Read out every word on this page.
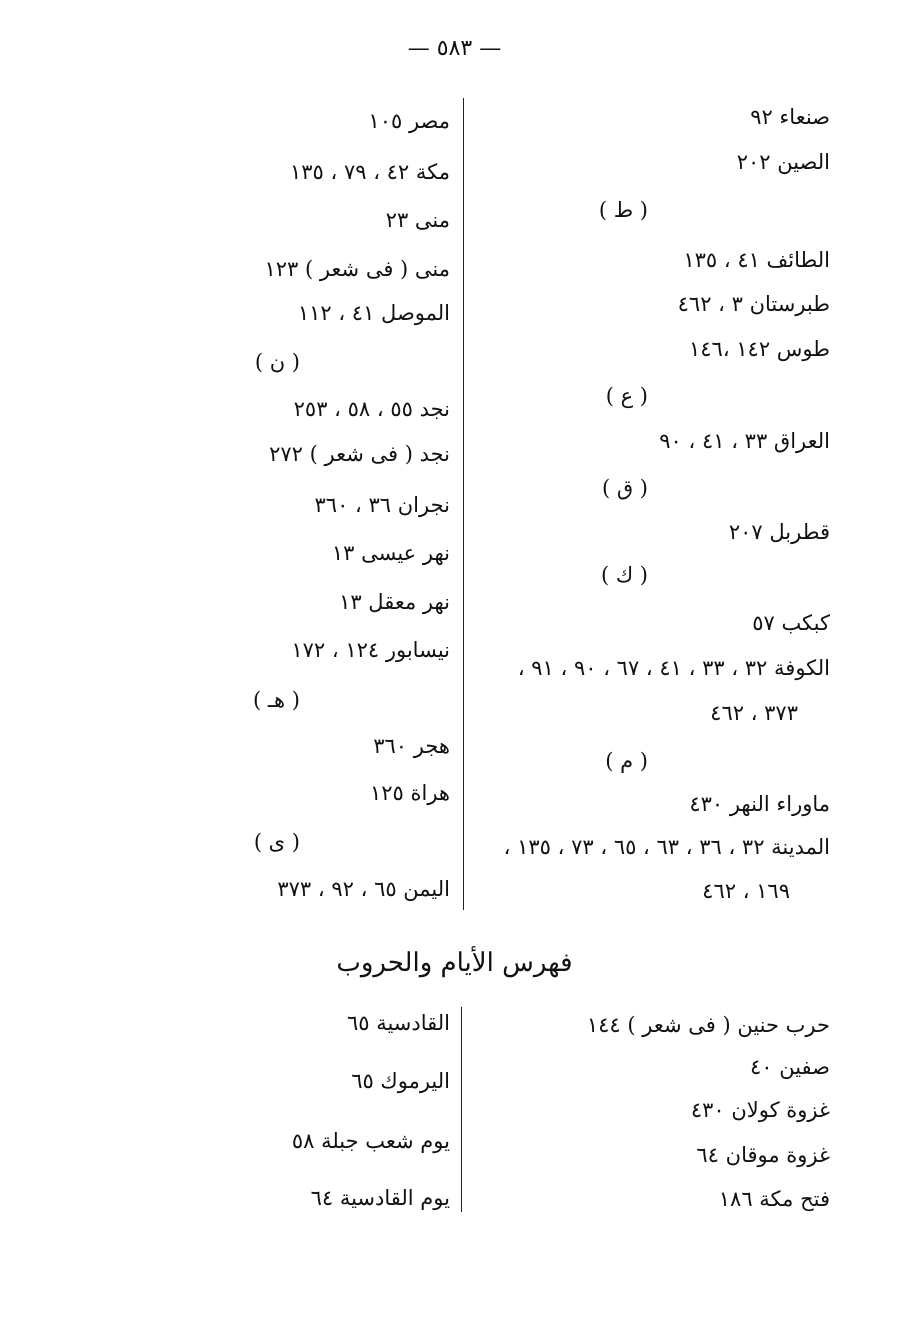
— ٥٨٣ —
صنعاء ٩٢
الصين ٢٠٢
( ط )
الطائف ٤١ ، ١٣٥
طبرستان ٣ ، ٤٦٢
طوس ١٤٢ ،١٤٦
( ع )
العراق ٣٣ ، ٤١ ، ٩٠
( ق )
قطربل ٢٠٧
( ك )
كبكب ٥٧
الكوفة ٣٢ ، ٣٣ ، ٤١ ، ٦٧ ، ٩٠ ، ٩١ ،
٣٧٣ ، ٤٦٢
( م )
ماوراء النهر ٤٣٠
المدينة ٣٢ ، ٣٦ ، ٦٣ ، ٦٥ ، ٧٣ ، ١٣٥ ،
١٦٩ ، ٤٦٢
مصر ١٠٥
مكة ٤٢ ، ٧٩ ، ١٣٥
منى ٢٣
منى ( فى شعر ) ١٢٣
الموصل ٤١ ، ١١٢
( ن )
نجد ٥٥ ، ٥٨ ، ٢٥٣
نجد ( فى شعر ) ٢٧٢
نجران ٣٦ ، ٣٦٠
نهر عيسى ١٣
نهر معقل ١٣
نيسابور ١٢٤ ، ١٧٢
( هـ )
هجر ٣٦٠
هراة ١٢٥
( ى )
اليمن ٦٥ ، ٩٢ ، ٣٧٣
فهرس الأيام والحروب
حرب حنين ( فى شعر ) ١٤٤
صفين ٤٠
غزوة كولان ٤٣٠
غزوة موقان ٦٤
فتح مكة ١٨٦
القادسية ٦٥
اليرموك ٦٥
يوم شعب جبلة ٥٨
يوم القادسية ٦٤
